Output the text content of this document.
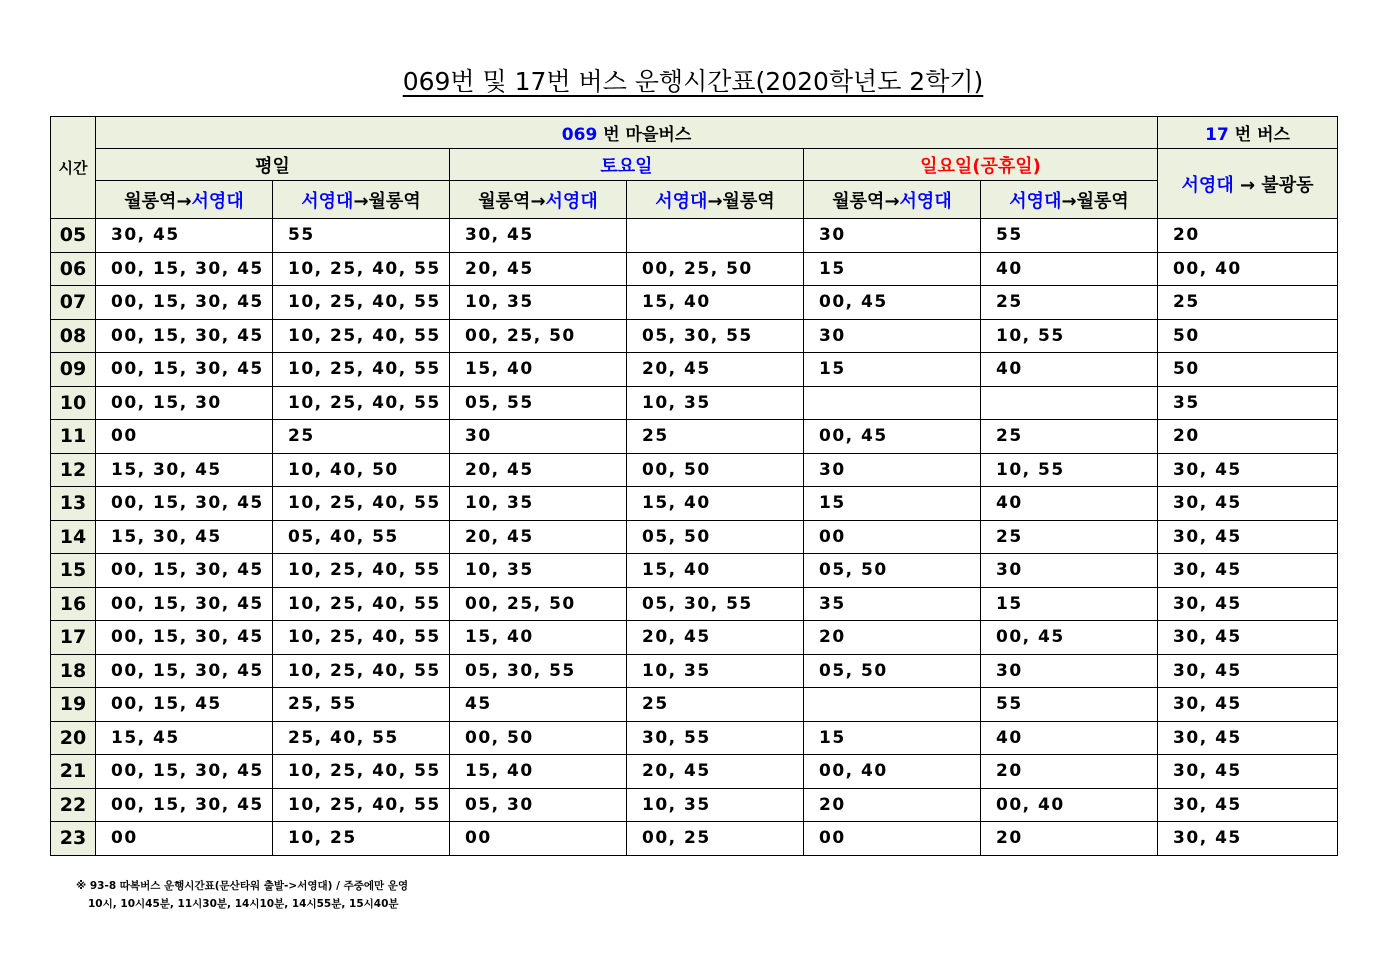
069번 및 17번 버스 운행시간표(2020학년도 2학기)
시간	069 번 마을버스						17 번 버스
	평일		토요일		일요일(공휴일)		서영대 → 불광동
	월롱역→서영대	서영대→월롱역	월롱역→서영대	서영대→월롱역	월롱역→서영대	서영대→월롱역	
05	30, 45	55	30, 45		30	55	20
06	00, 15, 30, 45	10, 25, 40, 55	20, 45	00, 25, 50	15	40	00, 40
07	00, 15, 30, 45	10, 25, 40, 55	10, 35	15, 40	00, 45	25	25
08	00, 15, 30, 45	10, 25, 40, 55	00, 25, 50	05, 30, 55	30	10, 55	50
09	00, 15, 30, 45	10, 25, 40, 55	15, 40	20, 45	15	40	50
10	00, 15, 30	10, 25, 40, 55	05, 55	10, 35			35
11	00	25	30	25	00, 45	25	20
12	15, 30, 45	10, 40, 50	20, 45	00, 50	30	10, 55	30, 45
13	00, 15, 30, 45	10, 25, 40, 55	10, 35	15, 40	15	40	30, 45
14	15, 30, 45	05, 40, 55	20, 45	05, 50	00	25	30, 45
15	00, 15, 30, 45	10, 25, 40, 55	10, 35	15, 40	05, 50	30	30, 45
16	00, 15, 30, 45	10, 25, 40, 55	00, 25, 50	05, 30, 55	35	15	30, 45
17	00, 15, 30, 45	10, 25, 40, 55	15, 40	20, 45	20	00, 45	30, 45
18	00, 15, 30, 45	10, 25, 40, 55	05, 30, 55	10, 35	05, 50	30	30, 45
19	00, 15, 45	25, 55	45	25		55	30, 45
20	15, 45	25, 40, 55	00, 50	30, 55	15	40	30, 45
21	00, 15, 30, 45	10, 25, 40, 55	15, 40	20, 45	00, 40	20	30, 45
22	00, 15, 30, 45	10, 25, 40, 55	05, 30	10, 35	20	00, 40	30, 45
23	00	10, 25	00	00, 25	00	20	30, 45
※ 93-8 따복버스 운행시간표(문산타워 출발->서영대) / 주중에만 운영
10시, 10시45분, 11시30분, 14시10분, 14시55분, 15시40분
